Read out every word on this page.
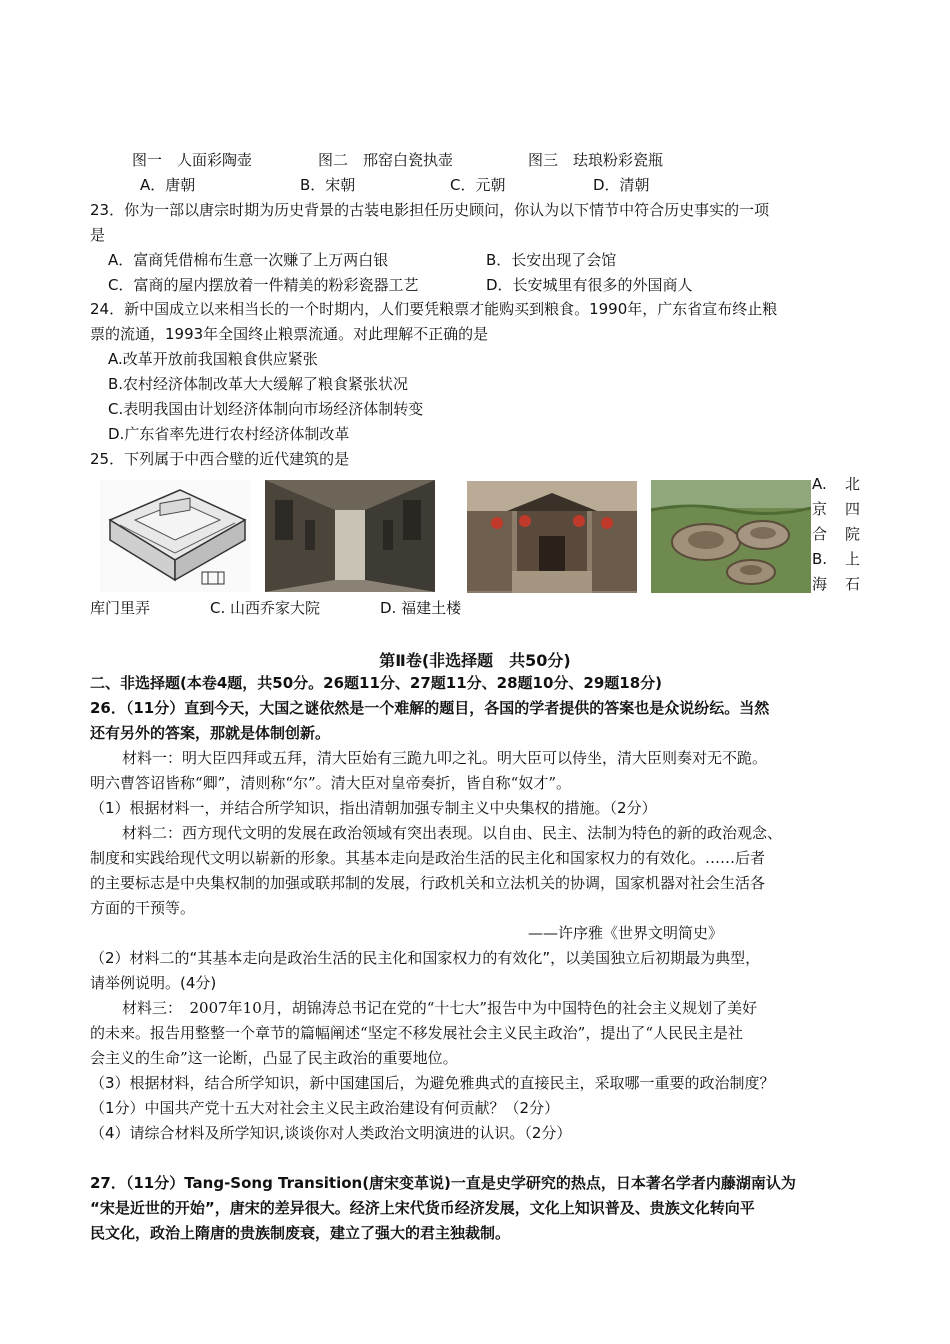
图一　人面彩陶壶	图二　邢窑白瓷执壶	图三　珐琅粉彩瓷瓶
A．唐朝	B．宋朝	C．元朝	D．清朝
23．你为一部以唐宗时期为历史背景的古装电影担任历史顾问，你认为以下情节中符合历史事实的一项
是
A．富商凭借棉布生意一次赚了上万两白银	B．长安出现了会馆
C．富商的屋内摆放着一件精美的粉彩瓷器工艺	D．长安城里有很多的外国商人
24．新中国成立以来相当长的一个时期内，人们要凭粮票才能购买到粮食。1990年，广东省宣布终止粮
票的流通，1993年全国终止粮票流通。对此理解不正确的是
A.改革开放前我国粮食供应紧张
B.农村经济体制改革大大缓解了粮食紧张状况
C.表明我国由计划经济体制向市场经济体制转变
D.广东省率先进行农村经济体制改革
25．下列属于中西合璧的近代建筑的是
A. 北
京 四
合 院
B. 上
海 石
库门里弄　　　　C. 山西乔家大院　　　　D. 福建土楼
第Ⅱ卷(非选择题　共50分)
二、非选择题(本卷4题，共50分。26题11分、27题11分、28题10分、29题18分)
26．（11分）直到今天，大国之谜依然是一个难解的题目，各国的学者提供的答案也是众说纷纭。当然
还有另外的答案，那就是体制创新。
材料一：明大臣四拜或五拜，清大臣始有三跪九叩之礼。明大臣可以侍坐，清大臣则奏对无不跪。
明六曹答诏皆称“卿”，清则称“尔”。清大臣对皇帝奏折，皆自称“奴才”。
（1）根据材料一，并结合所学知识，指出清朝加强专制主义中央集权的措施。（2分）
材料二：西方现代文明的发展在政治领域有突出表现。以自由、民主、法制为特色的新的政治观念、
制度和实践给现代文明以崭新的形象。其基本走向是政治生活的民主化和国家权力的有效化。……后者
的主要标志是中央集权制的加强或联邦制的发展，行政机关和立法机关的协调，国家机器对社会生活各
方面的干预等。
——许序雅《世界文明简史》
（2）材料二的“其基本走向是政治生活的民主化和国家权力的有效化”，以美国独立后初期最为典型，
请举例说明。(4分)
材料三：　2007年10月，胡锦涛总书记在党的“十七大”报告中为中国特色的社会主义规划了美好
的未来。报告用整整一个章节的篇幅阐述“坚定不移发展社会主义民主政治”，提出了“人民民主是社
会主义的生命”这一论断，凸显了民主政治的重要地位。
（3）根据材料，结合所学知识，新中国建国后，为避免雅典式的直接民主，采取哪一重要的政治制度？
（1分）中国共产党十五大对社会主义民主政治建设有何贡献？（2分）
（4）请综合材料及所学知识,谈谈你对人类政治文明演进的认识。（2分）
27．（11分）Tang-Song Transition(唐宋变革说)一直是史学研究的热点，日本著名学者内藤湖南认为
“宋是近世的开始”，唐宋的差异很大。经济上宋代货币经济发展，文化上知识普及、贵族文化转向平
民文化，政治上隋唐的贵族制废衰，建立了强大的君主独裁制。
